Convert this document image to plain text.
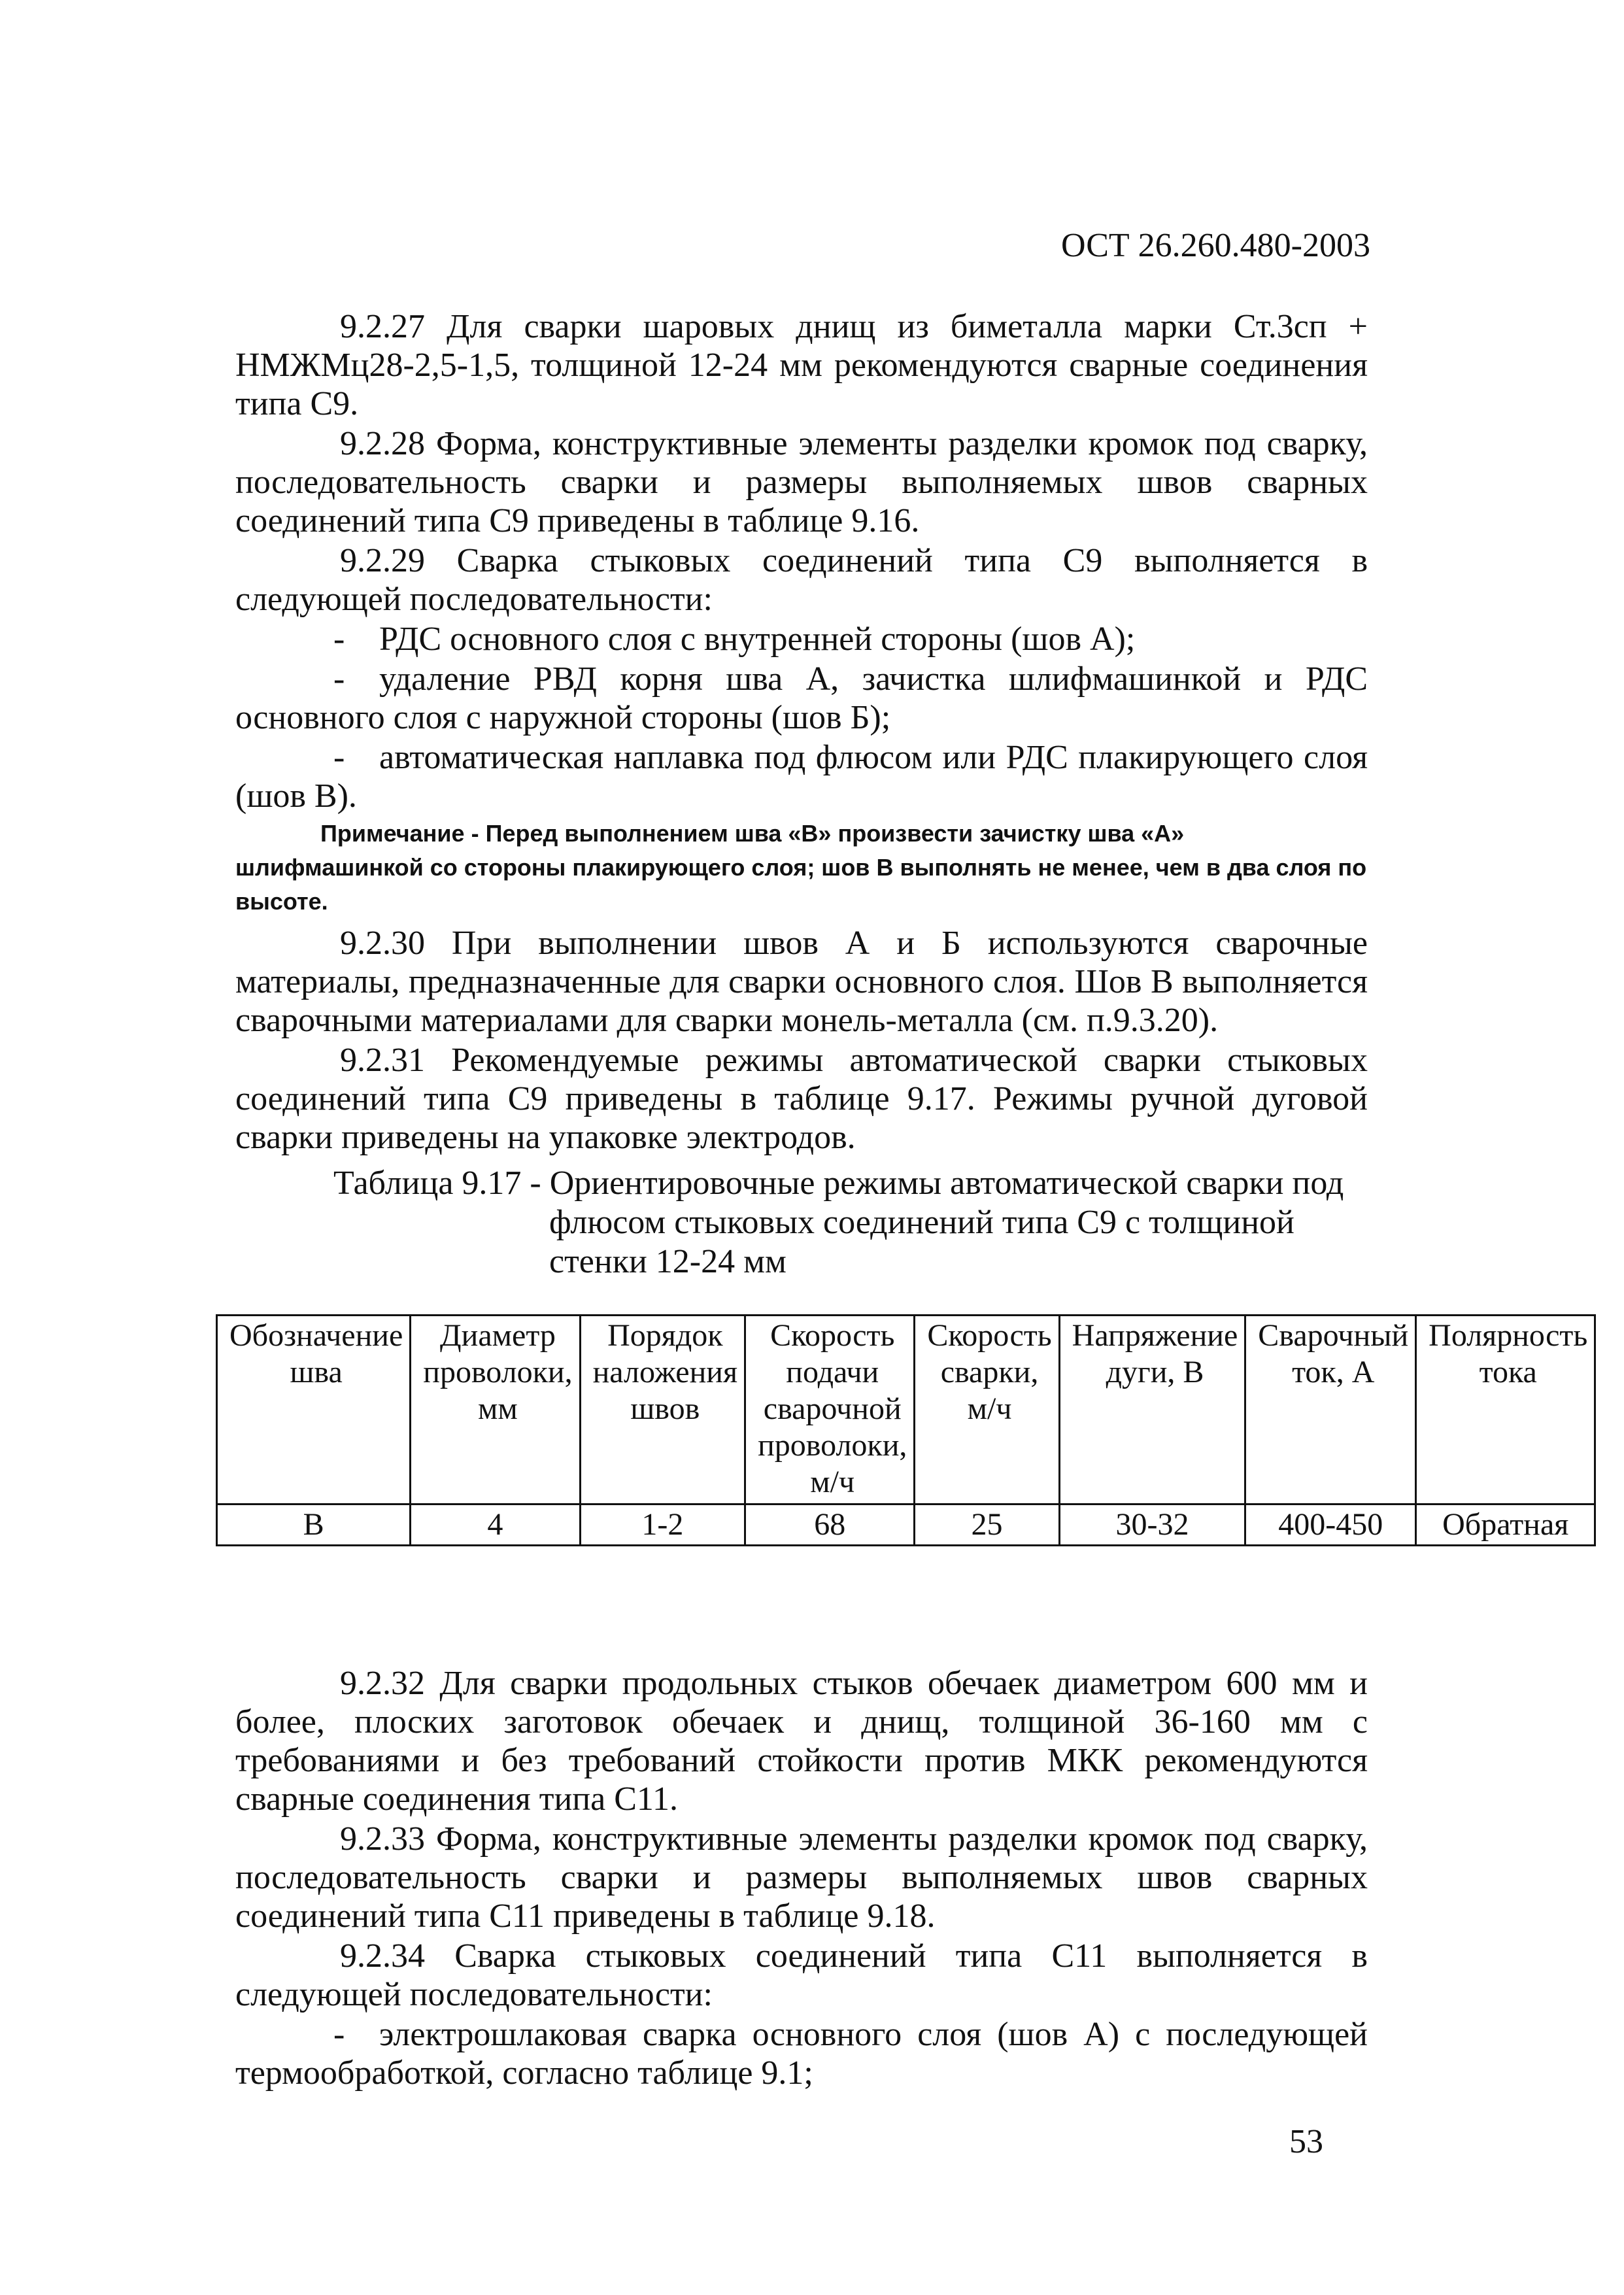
ОСТ 26.260.480-2003

9.2.27 Для сварки шаровых днищ из биметалла марки Ст.3сп + НМЖМц28-2,5-1,5, толщиной 12-24 мм рекомендуются сварные соединения типа С9.

9.2.28 Форма, конструктивные элементы разделки кромок под сварку, последовательность сварки и размеры выполняемых швов сварных соединений типа С9 приведены в таблице 9.16.

9.2.29 Сварка стыковых соединений типа С9 выполняется в следующей последовательности:

- РДС основного слоя с внутренней стороны (шов А);

- удаление РВД корня шва А, зачистка шлифмашинкой и РДС основного слоя с наружной стороны (шов Б);

- автоматическая наплавка под флюсом или РДС плакирующего слоя (шов В).

Примечание - Перед выполнением шва «В» произвести зачистку шва «А» шлифмашинкой со стороны плакирующего слоя; шов В выполнять не менее, чем в два слоя по высоте.

9.2.30 При выполнении швов А и Б используются сварочные материалы, предназначенные для сварки основного слоя. Шов В выполняется сварочными материалами для сварки монель-металла (см. п.9.3.20).

9.2.31 Рекомендуемые режимы автоматической сварки стыковых соединений типа С9 приведены в таблице 9.17. Режимы ручной дуговой сварки приведены на упаковке электродов.

Таблица 9.17 - Ориентировочные режимы автоматической сварки под
флюсом стыковых соединений типа С9 с толщиной стенки 12-24 мм
Обозначение шва	Диаметр проволоки, мм	Порядок наложения швов	Скорость подачи сварочной проволоки, м/ч	Скорость сварки, м/ч	Напряжение дуги, В	Сварочный ток, А	Полярность тока
В	4	1-2	68	25	30-32	400-450	Обратная

9.2.32 Для сварки продольных стыков обечаек диаметром 600 мм и более, плоских заготовок обечаек и днищ, толщиной 36-160 мм с требованиями и без требований стойкости против МКК рекомендуются сварные соединения типа С11.

9.2.33 Форма, конструктивные элементы разделки кромок под сварку, последовательность сварки и размеры выполняемых швов сварных соединений типа С11 приведены в таблице 9.18.

9.2.34 Сварка стыковых соединений типа С11 выполняется в следующей последовательности:

- электрошлаковая сварка основного слоя (шов А) с последующей термообработкой, согласно таблице 9.1;

53
